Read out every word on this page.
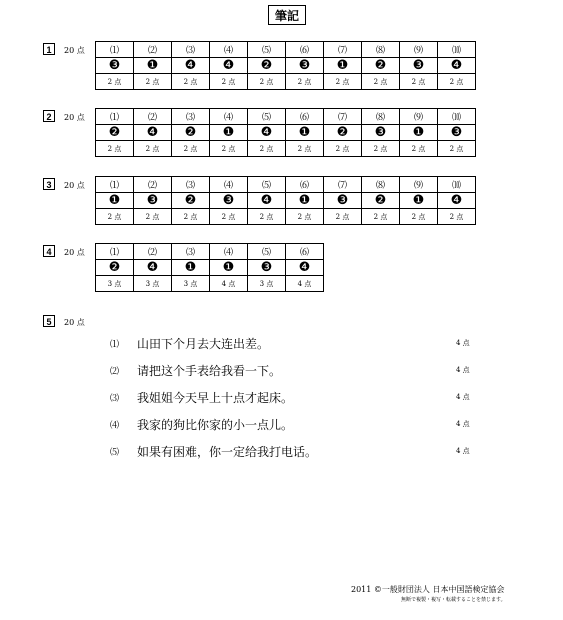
筆記
1	20 点	⑴	⑵	⑶	⑷	⑸	⑹	⑺	⑻	⑼	⑽
❸	❶	❹	❹	❷	❸	❶	❷	❸	❹
2 点	2 点	2 点	2 点	2 点	2 点	2 点	2 点	2 点	2 点
2	20 点	⑴	⑵	⑶	⑷	⑸	⑹	⑺	⑻	⑼	⑽
❷	❹	❷	❶	❹	❶	❷	❸	❶	❸
2 点	2 点	2 点	2 点	2 点	2 点	2 点	2 点	2 点	2 点
3	20 点	⑴	⑵	⑶	⑷	⑸	⑹	⑺	⑻	⑼	⑽
❶	❸	❷	❸	❹	❶	❸	❷	❶	❹
2 点	2 点	2 点	2 点	2 点	2 点	2 点	2 点	2 点	2 点
4	20 点	⑴	⑵	⑶	⑷	⑸	⑹
❷	❹	❶	❶	❸	❹
3 点	3 点	3 点	4 点	3 点	4 点
5	20 点
⑴ 山田下个月去大连出差。	4 点
⑵ 请把这个手表给我看一下。	4 点
⑶ 我姐姐今天早上十点才起床。	4 点
⑷ 我家的狗比你家的小一点儿。	4 点
⑸ 如果有困难，你一定给我打电话。	4 点
2011 ©一般財団法人 日本中国語検定協会
無断で複製・複写・転載することを禁じます。
